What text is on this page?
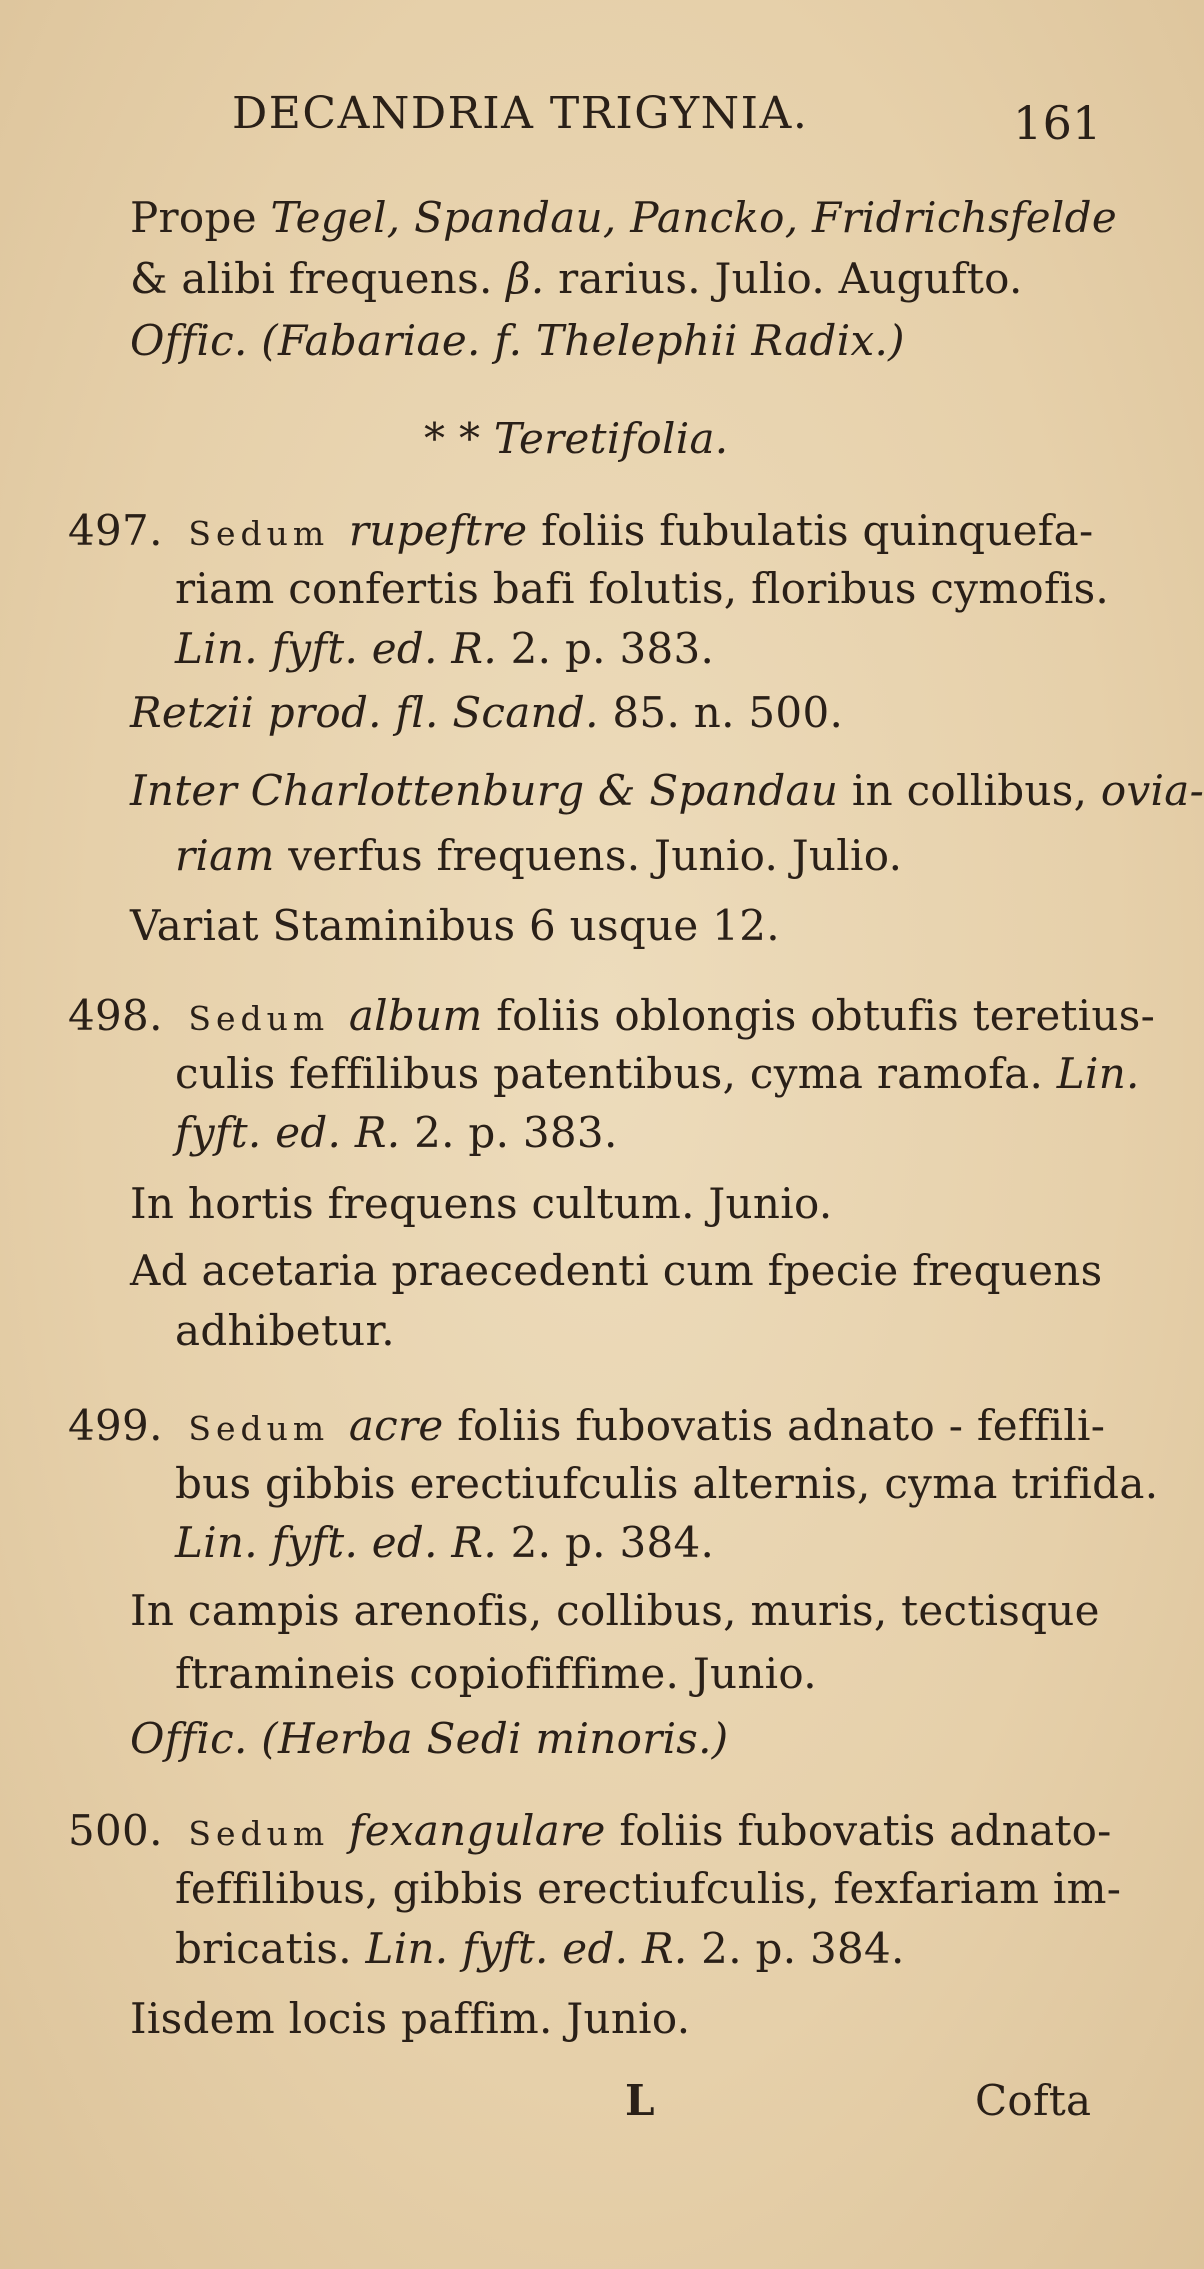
DECANDRIA TRIGYNIA.	161
Prope Tegel, Spandau, Pancko, Fridrichsfelde
& alibi frequens. β. rarius. Julio. Augufto.
Offic. (Fabariae. f. Thelephii Radix.)
* * Teretifolia.
497. Sedum rupeftre foliis fubulatis quinquefa-
riam confertis bafi folutis, floribus cymofis.
Lin. fyft. ed. R. 2. p. 383.
Retzii prod. fl. Scand. 85. n. 500.
Inter Charlottenburg & Spandau in collibus, ovia-
riam verfus frequens. Junio. Julio.
Variat Staminibus 6 usque 12.
498. Sedum album foliis oblongis obtufis teretius-
culis feffilibus patentibus, cyma ramofa. Lin.
fyft. ed. R. 2. p. 383.
In hortis frequens cultum. Junio.
Ad acetaria praecedenti cum fpecie frequens
adhibetur.
499. Sedum acre foliis fubovatis adnato - feffili-
bus gibbis erectiufculis alternis, cyma trifida.
Lin. fyft. ed. R. 2. p. 384.
In campis arenofis, collibus, muris, tectisque
ftramineis copiofiffime. Junio.
Offic. (Herba Sedi minoris.)
500. Sedum fexangulare foliis fubovatis adnato-
feffilibus, gibbis erectiufculis, fexfariam im-
bricatis. Lin. fyft. ed. R. 2. p. 384.
Iisdem locis paffim. Junio.
L	Cofta
